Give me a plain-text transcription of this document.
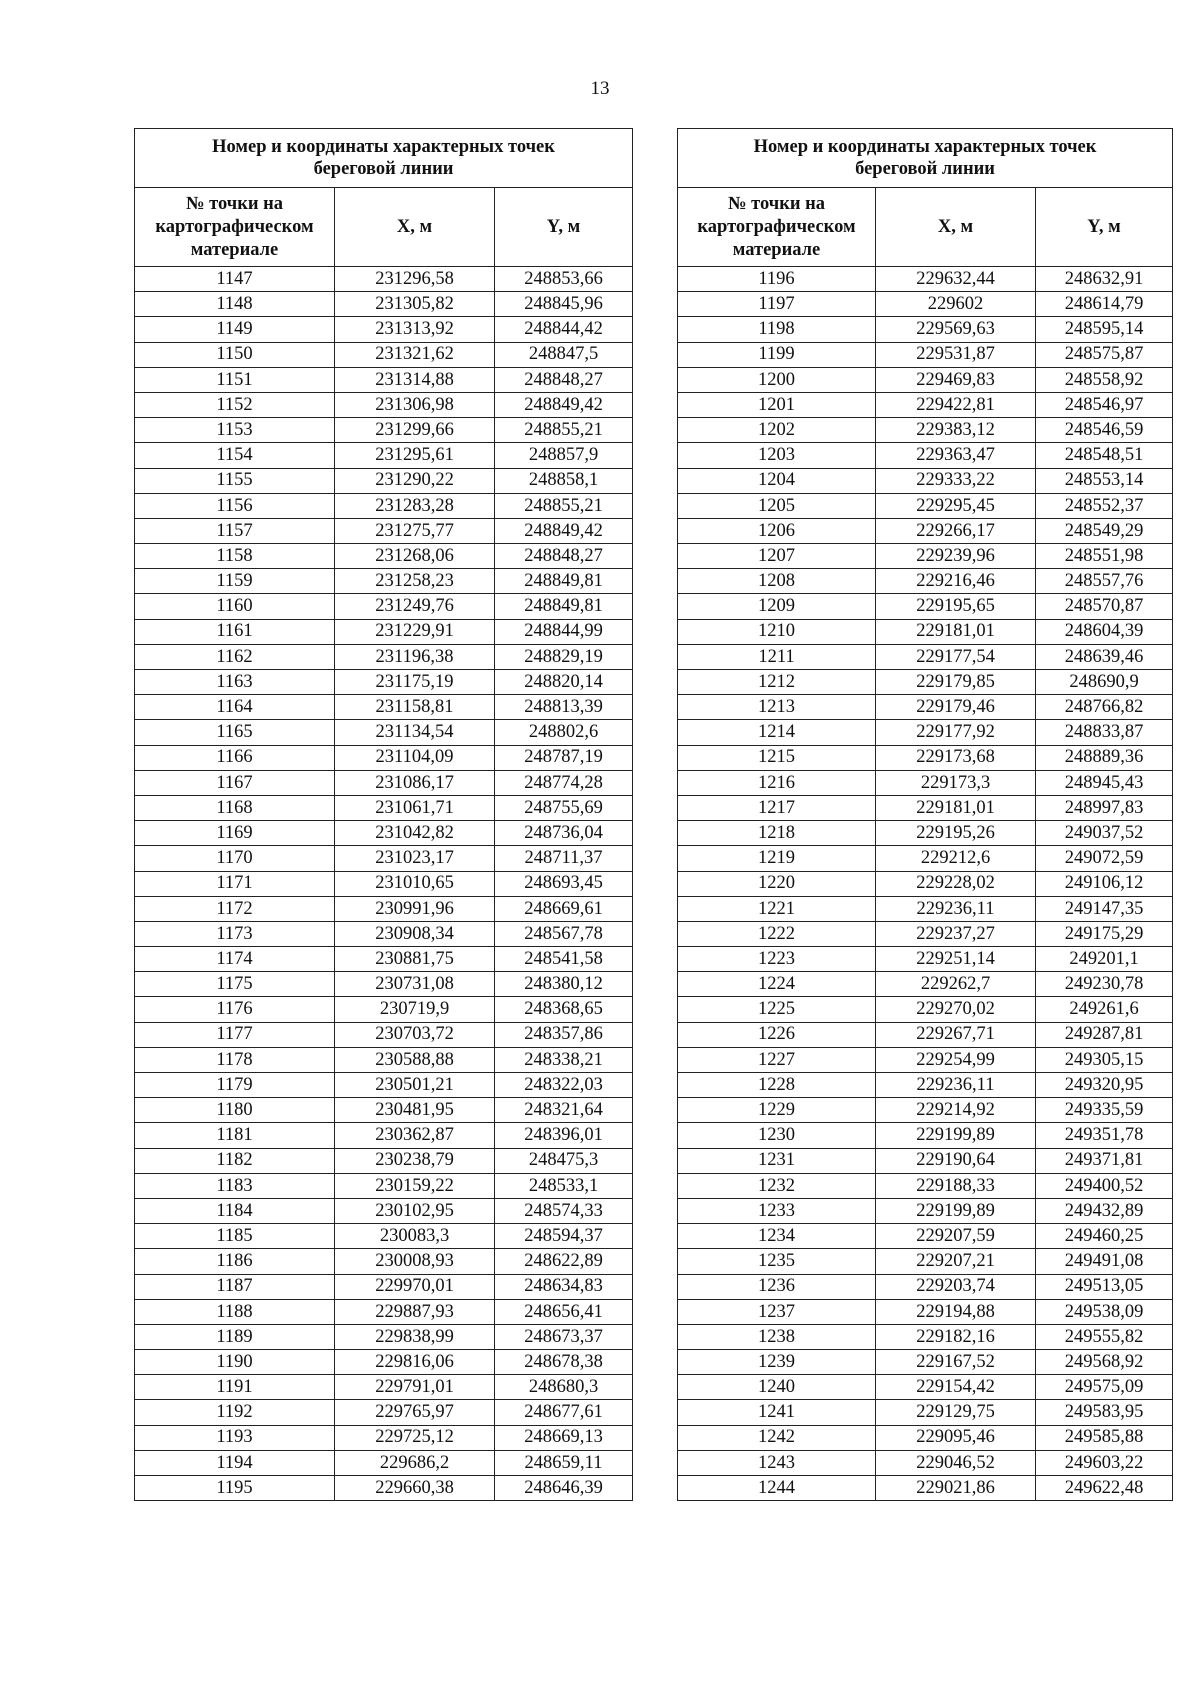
13
Номер и координаты характерных точек
береговой линии		

№ точки на
картографическом
материале	X, м	Y, м
1147	231296,58	248853,66
1148	231305,82	248845,96
1149	231313,92	248844,42
1150	231321,62	248847,5
1151	231314,88	248848,27
1152	231306,98	248849,42
1153	231299,66	248855,21
1154	231295,61	248857,9
1155	231290,22	248858,1
1156	231283,28	248855,21
1157	231275,77	248849,42
1158	231268,06	248848,27
1159	231258,23	248849,81
1160	231249,76	248849,81
1161	231229,91	248844,99
1162	231196,38	248829,19
1163	231175,19	248820,14
1164	231158,81	248813,39
1165	231134,54	248802,6
1166	231104,09	248787,19
1167	231086,17	248774,28
1168	231061,71	248755,69
1169	231042,82	248736,04
1170	231023,17	248711,37
1171	231010,65	248693,45
1172	230991,96	248669,61
1173	230908,34	248567,78
1174	230881,75	248541,58
1175	230731,08	248380,12
1176	230719,9	248368,65
1177	230703,72	248357,86
1178	230588,88	248338,21
1179	230501,21	248322,03
1180	230481,95	248321,64
1181	230362,87	248396,01
1182	230238,79	248475,3
1183	230159,22	248533,1
1184	230102,95	248574,33
1185	230083,3	248594,37
1186	230008,93	248622,89
1187	229970,01	248634,83
1188	229887,93	248656,41
1189	229838,99	248673,37
1190	229816,06	248678,38
1191	229791,01	248680,3
1192	229765,97	248677,61
1193	229725,12	248669,13
1194	229686,2	248659,11
1195	229660,38	248646,39
Номер и координаты характерных точек
береговой линии		

№ точки на
картографическом
материале	X, м	Y, м
1196	229632,44	248632,91
1197	229602	248614,79
1198	229569,63	248595,14
1199	229531,87	248575,87
1200	229469,83	248558,92
1201	229422,81	248546,97
1202	229383,12	248546,59
1203	229363,47	248548,51
1204	229333,22	248553,14
1205	229295,45	248552,37
1206	229266,17	248549,29
1207	229239,96	248551,98
1208	229216,46	248557,76
1209	229195,65	248570,87
1210	229181,01	248604,39
1211	229177,54	248639,46
1212	229179,85	248690,9
1213	229179,46	248766,82
1214	229177,92	248833,87
1215	229173,68	248889,36
1216	229173,3	248945,43
1217	229181,01	248997,83
1218	229195,26	249037,52
1219	229212,6	249072,59
1220	229228,02	249106,12
1221	229236,11	249147,35
1222	229237,27	249175,29
1223	229251,14	249201,1
1224	229262,7	249230,78
1225	229270,02	249261,6
1226	229267,71	249287,81
1227	229254,99	249305,15
1228	229236,11	249320,95
1229	229214,92	249335,59
1230	229199,89	249351,78
1231	229190,64	249371,81
1232	229188,33	249400,52
1233	229199,89	249432,89
1234	229207,59	249460,25
1235	229207,21	249491,08
1236	229203,74	249513,05
1237	229194,88	249538,09
1238	229182,16	249555,82
1239	229167,52	249568,92
1240	229154,42	249575,09
1241	229129,75	249583,95
1242	229095,46	249585,88
1243	229046,52	249603,22
1244	229021,86	249622,48
